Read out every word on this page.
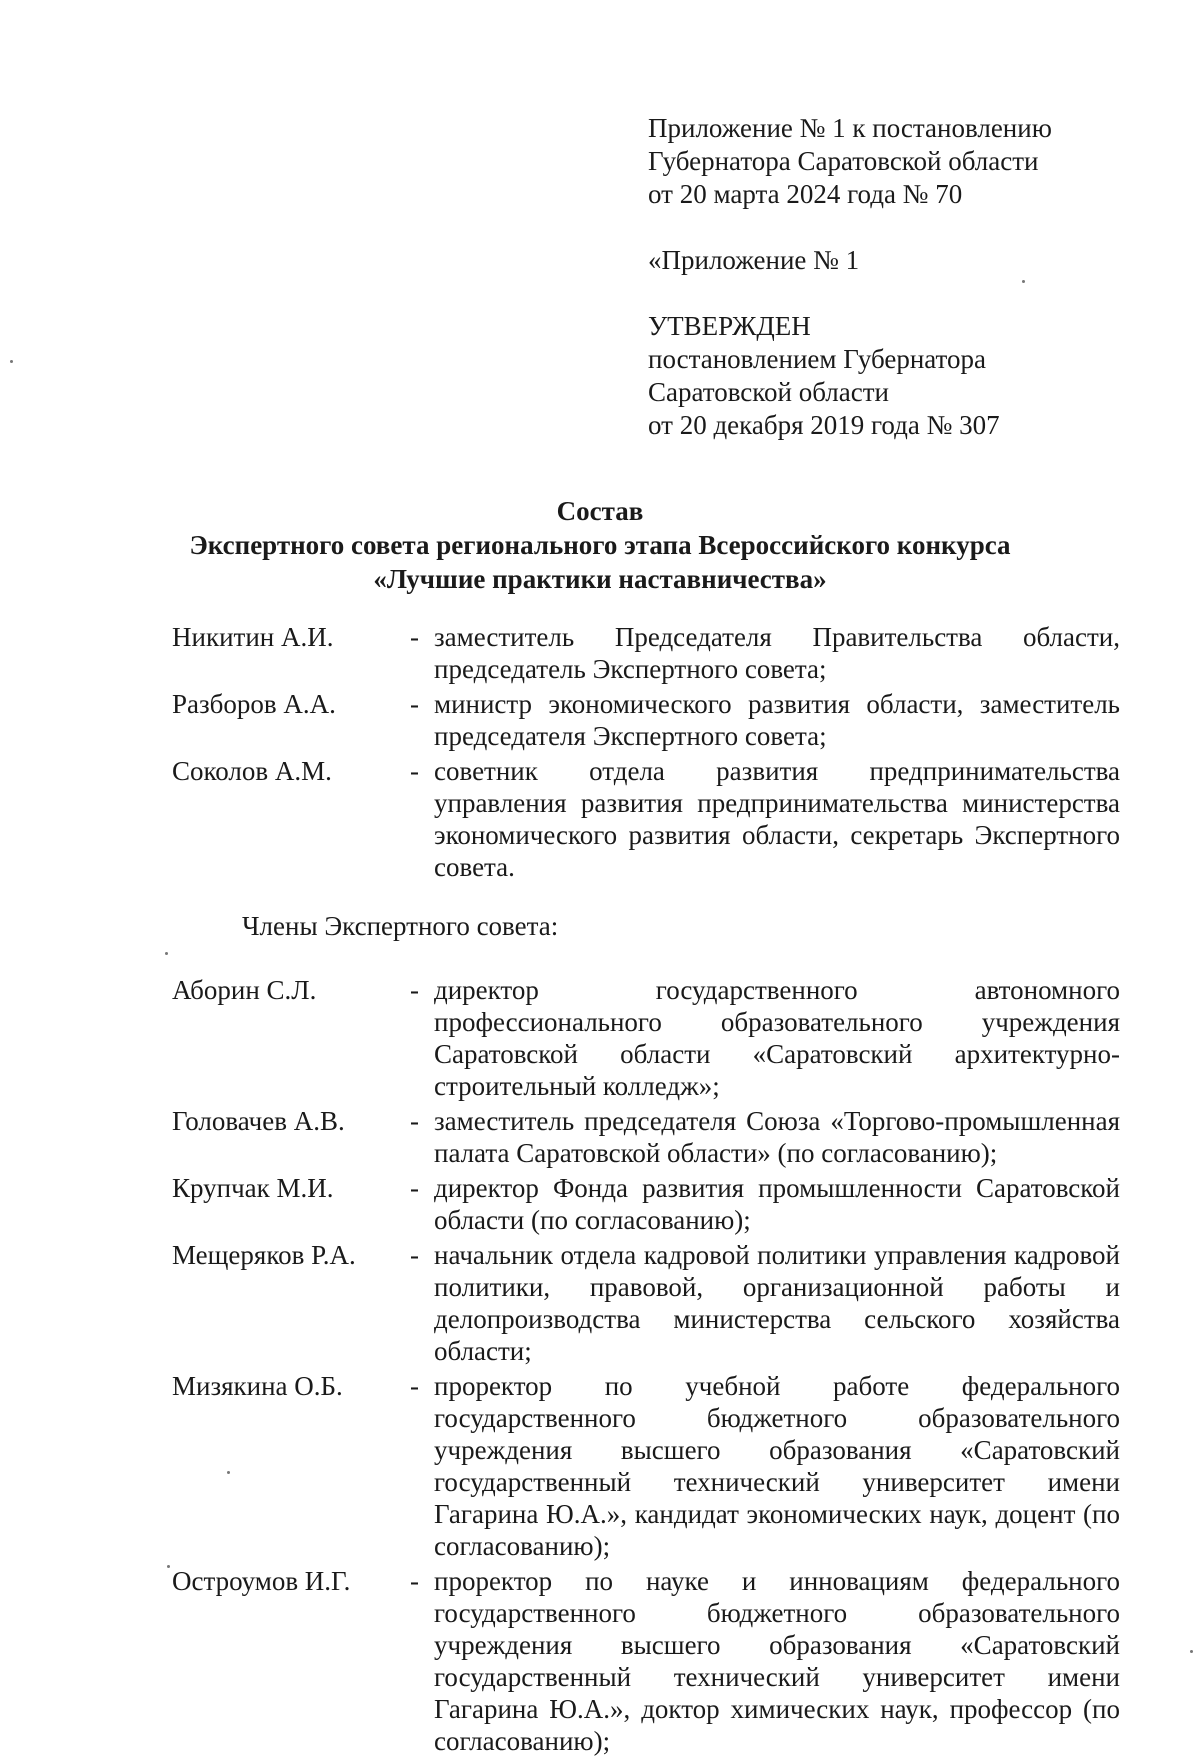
Приложение № 1 к постановлению
Губернатора Саратовской области
от 20 марта 2024 года № 70
«Приложение № 1
УТВЕРЖДЕН
постановлением Губернатора
Саратовской области
от 20 декабря 2019 года № 307
Состав
Экспертного совета регионального этапа Всероссийского конкурса
«Лучшие практики наставничества»
Никитин А.И.	- заместитель Председателя Правительства области, председатель Экспертного совета;
Разборов А.А.	- министр экономического развития области, заместитель председателя Экспертного совета;
Соколов А.М.	- советник отдела развития предпринимательства управления развития предпринимательства министерства экономического развития области, секретарь Экспертного совета.
Члены Экспертного совета:
Аборин С.Л.	- директор государственного автономного профессионального образовательного учреждения Саратовской области «Саратовский архитектурно-строительный колледж»;
Головачев А.В.	- заместитель председателя Союза «Торгово-промышленная палата Саратовской области» (по согласованию);
Крупчак М.И.	- директор Фонда развития промышленности Саратовской области (по согласованию);
Мещеряков Р.А.	- начальник отдела кадровой политики управления кадровой политики, правовой, организационной работы и делопроизводства министерства сельского хозяйства области;
Мизякина О.Б.	- проректор по учебной работе федерального государственного бюджетного образовательного учреждения высшего образования «Саратовский государственный технический университет имени Гагарина Ю.А.», кандидат экономических наук, доцент (по согласованию);
Остроумов И.Г.	- проректор по науке и инновациям федерального государственного бюджетного образовательного учреждения высшего образования «Саратовский государственный технический университет имени Гагарина Ю.А.», доктор химических наук, профессор (по согласованию);
